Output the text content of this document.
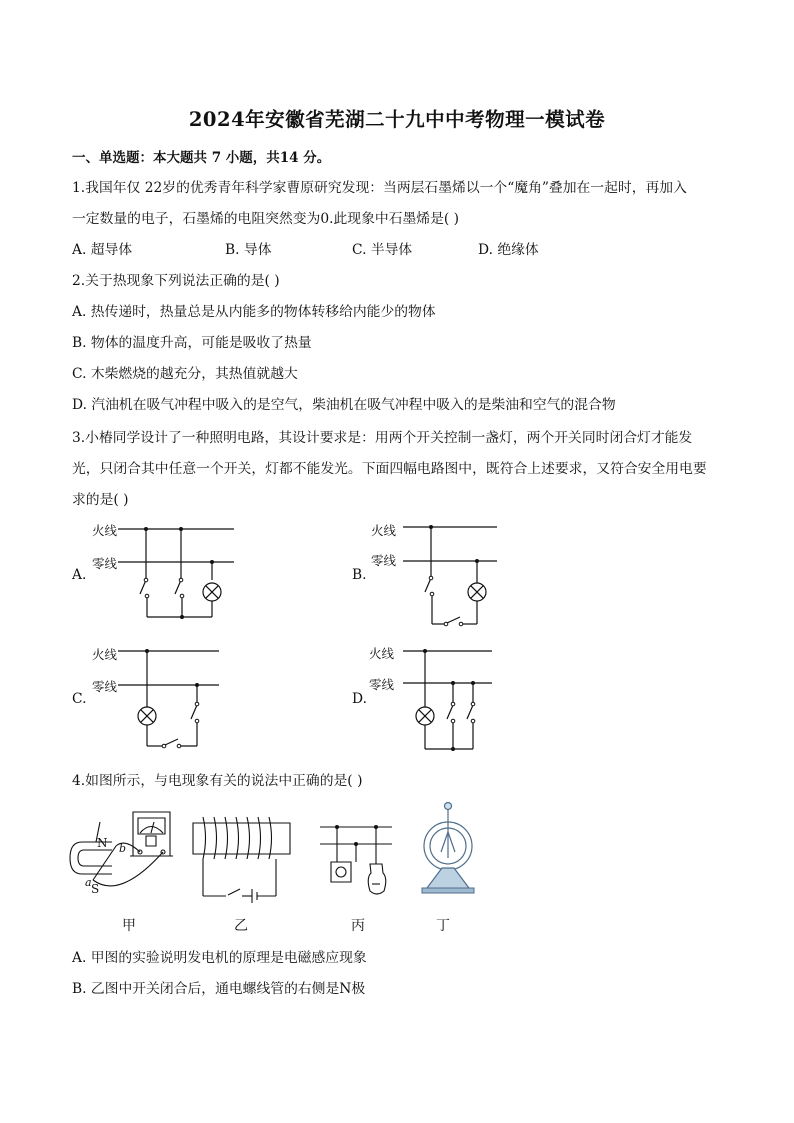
2024年安徽省芜湖二十九中中考物理一模试卷
一、单选题：本大题共 7 小题，共14 分。
1.我国年仅 22岁的优秀青年科学家曹原研究发现：当两层石墨烯以一个“魔角”叠加在一起时，再加入
一定数量的电子，石墨烯的电阻突然变为0.此现象中石墨烯是( )
A. 超导体	B. 导体	C. 半导体	D. 绝缘体
2.关于热现象下列说法正确的是( )
A. 热传递时，热量总是从内能多的物体转移给内能少的物体
B. 物体的温度升高，可能是吸收了热量
C. 木柴燃烧的越充分，其热值就越大
D. 汽油机在吸气冲程中吸入的是空气，柴油机在吸气冲程中吸入的是柴油和空气的混合物
3.小椿同学设计了一种照明电路，其设计要求是：用两个开关控制一盏灯，两个开关同时闭合灯才能发
光，只闭合其中任意一个开关，灯都不能发光。下面四幅电路图中，既符合上述要求，又符合安全用电要
求的是( )
火线
零线
A.
火线
零线
B.
火线
零线
C.
火线
零线
D.
4.如图所示，与电现象有关的说法中正确的是( )
N
S
a
b
甲	乙	丙	丁
A. 甲图的实验说明发电机的原理是电磁感应现象
B. 乙图中开关闭合后，通电螺线管的右侧是N极
